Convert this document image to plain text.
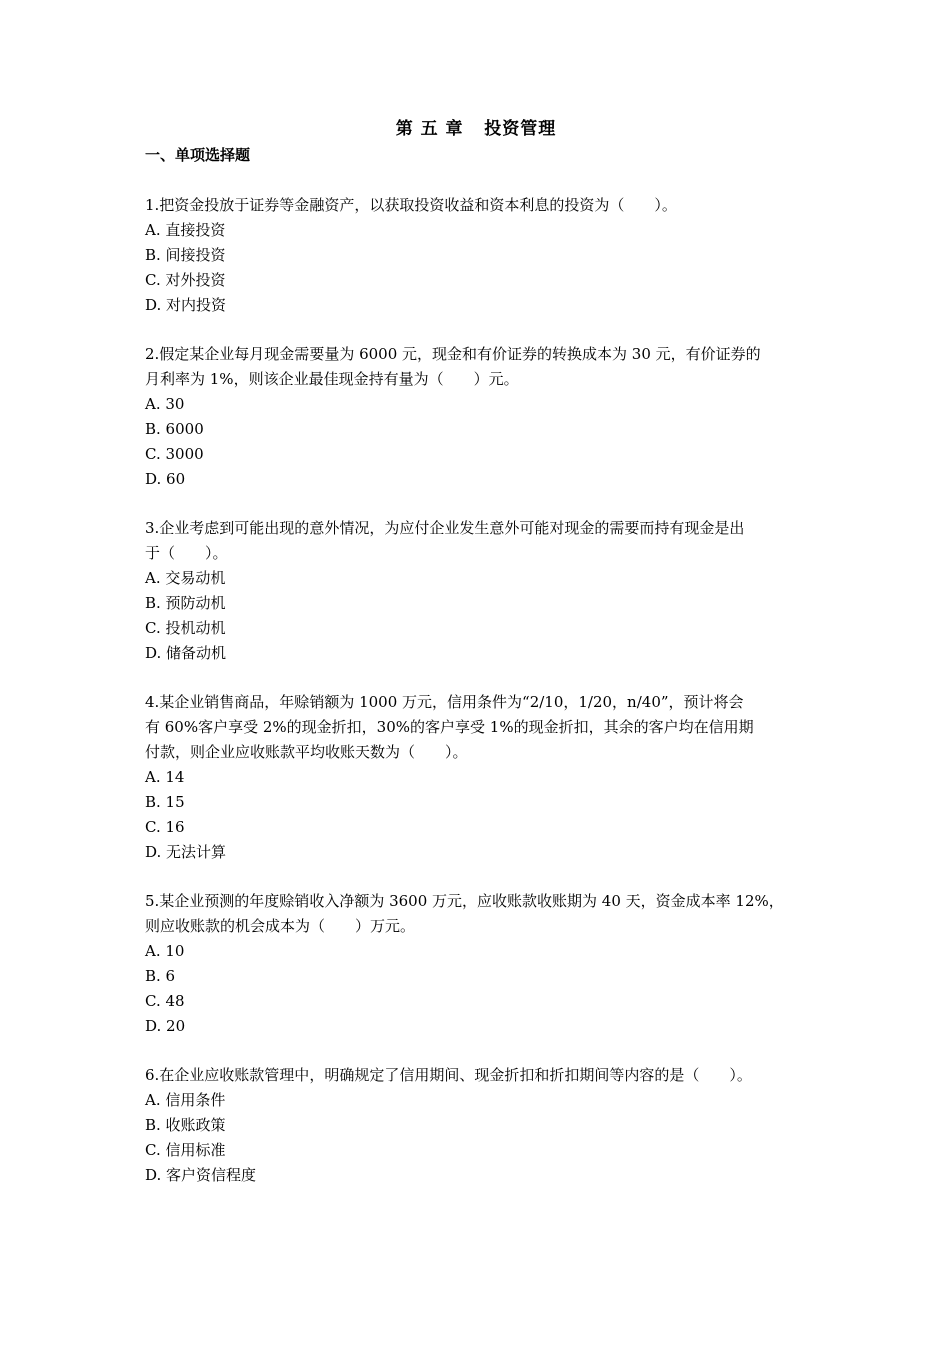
第 五 章   投资管理
一、单项选择题
1.把资金投放于证券等金融资产，以获取投资收益和资本利息的投资为（　　）。
A. 直接投资
B. 间接投资
C. 对外投资
D. 对内投资
2.假定某企业每月现金需要量为 6000 元，现金和有价证券的转换成本为 30 元，有价证券的
月利率为 1%，则该企业最佳现金持有量为（　　）元。
A. 30
B. 6000
C. 3000
D. 60
3.企业考虑到可能出现的意外情况，为应付企业发生意外可能对现金的需要而持有现金是出
于（　　）。
A. 交易动机
B. 预防动机
C. 投机动机
D. 储备动机
4.某企业销售商品，年赊销额为 1000 万元，信用条件为“2/10，1/20，n/40”，预计将会
有 60%客户享受 2%的现金折扣，30%的客户享受 1%的现金折扣，其余的客户均在信用期
付款，则企业应收账款平均收账天数为（　　）。
A. 14
B. 15
C. 16
D. 无法计算
5.某企业预测的年度赊销收入净额为 3600 万元，应收账款收账期为 40 天，资金成本率 12%，
则应收账款的机会成本为（　　）万元。
A. 10
B. 6
C. 48
D. 20
6.在企业应收账款管理中，明确规定了信用期间、现金折扣和折扣期间等内容的是（　　）。
A. 信用条件
B. 收账政策
C. 信用标准
D. 客户资信程度
